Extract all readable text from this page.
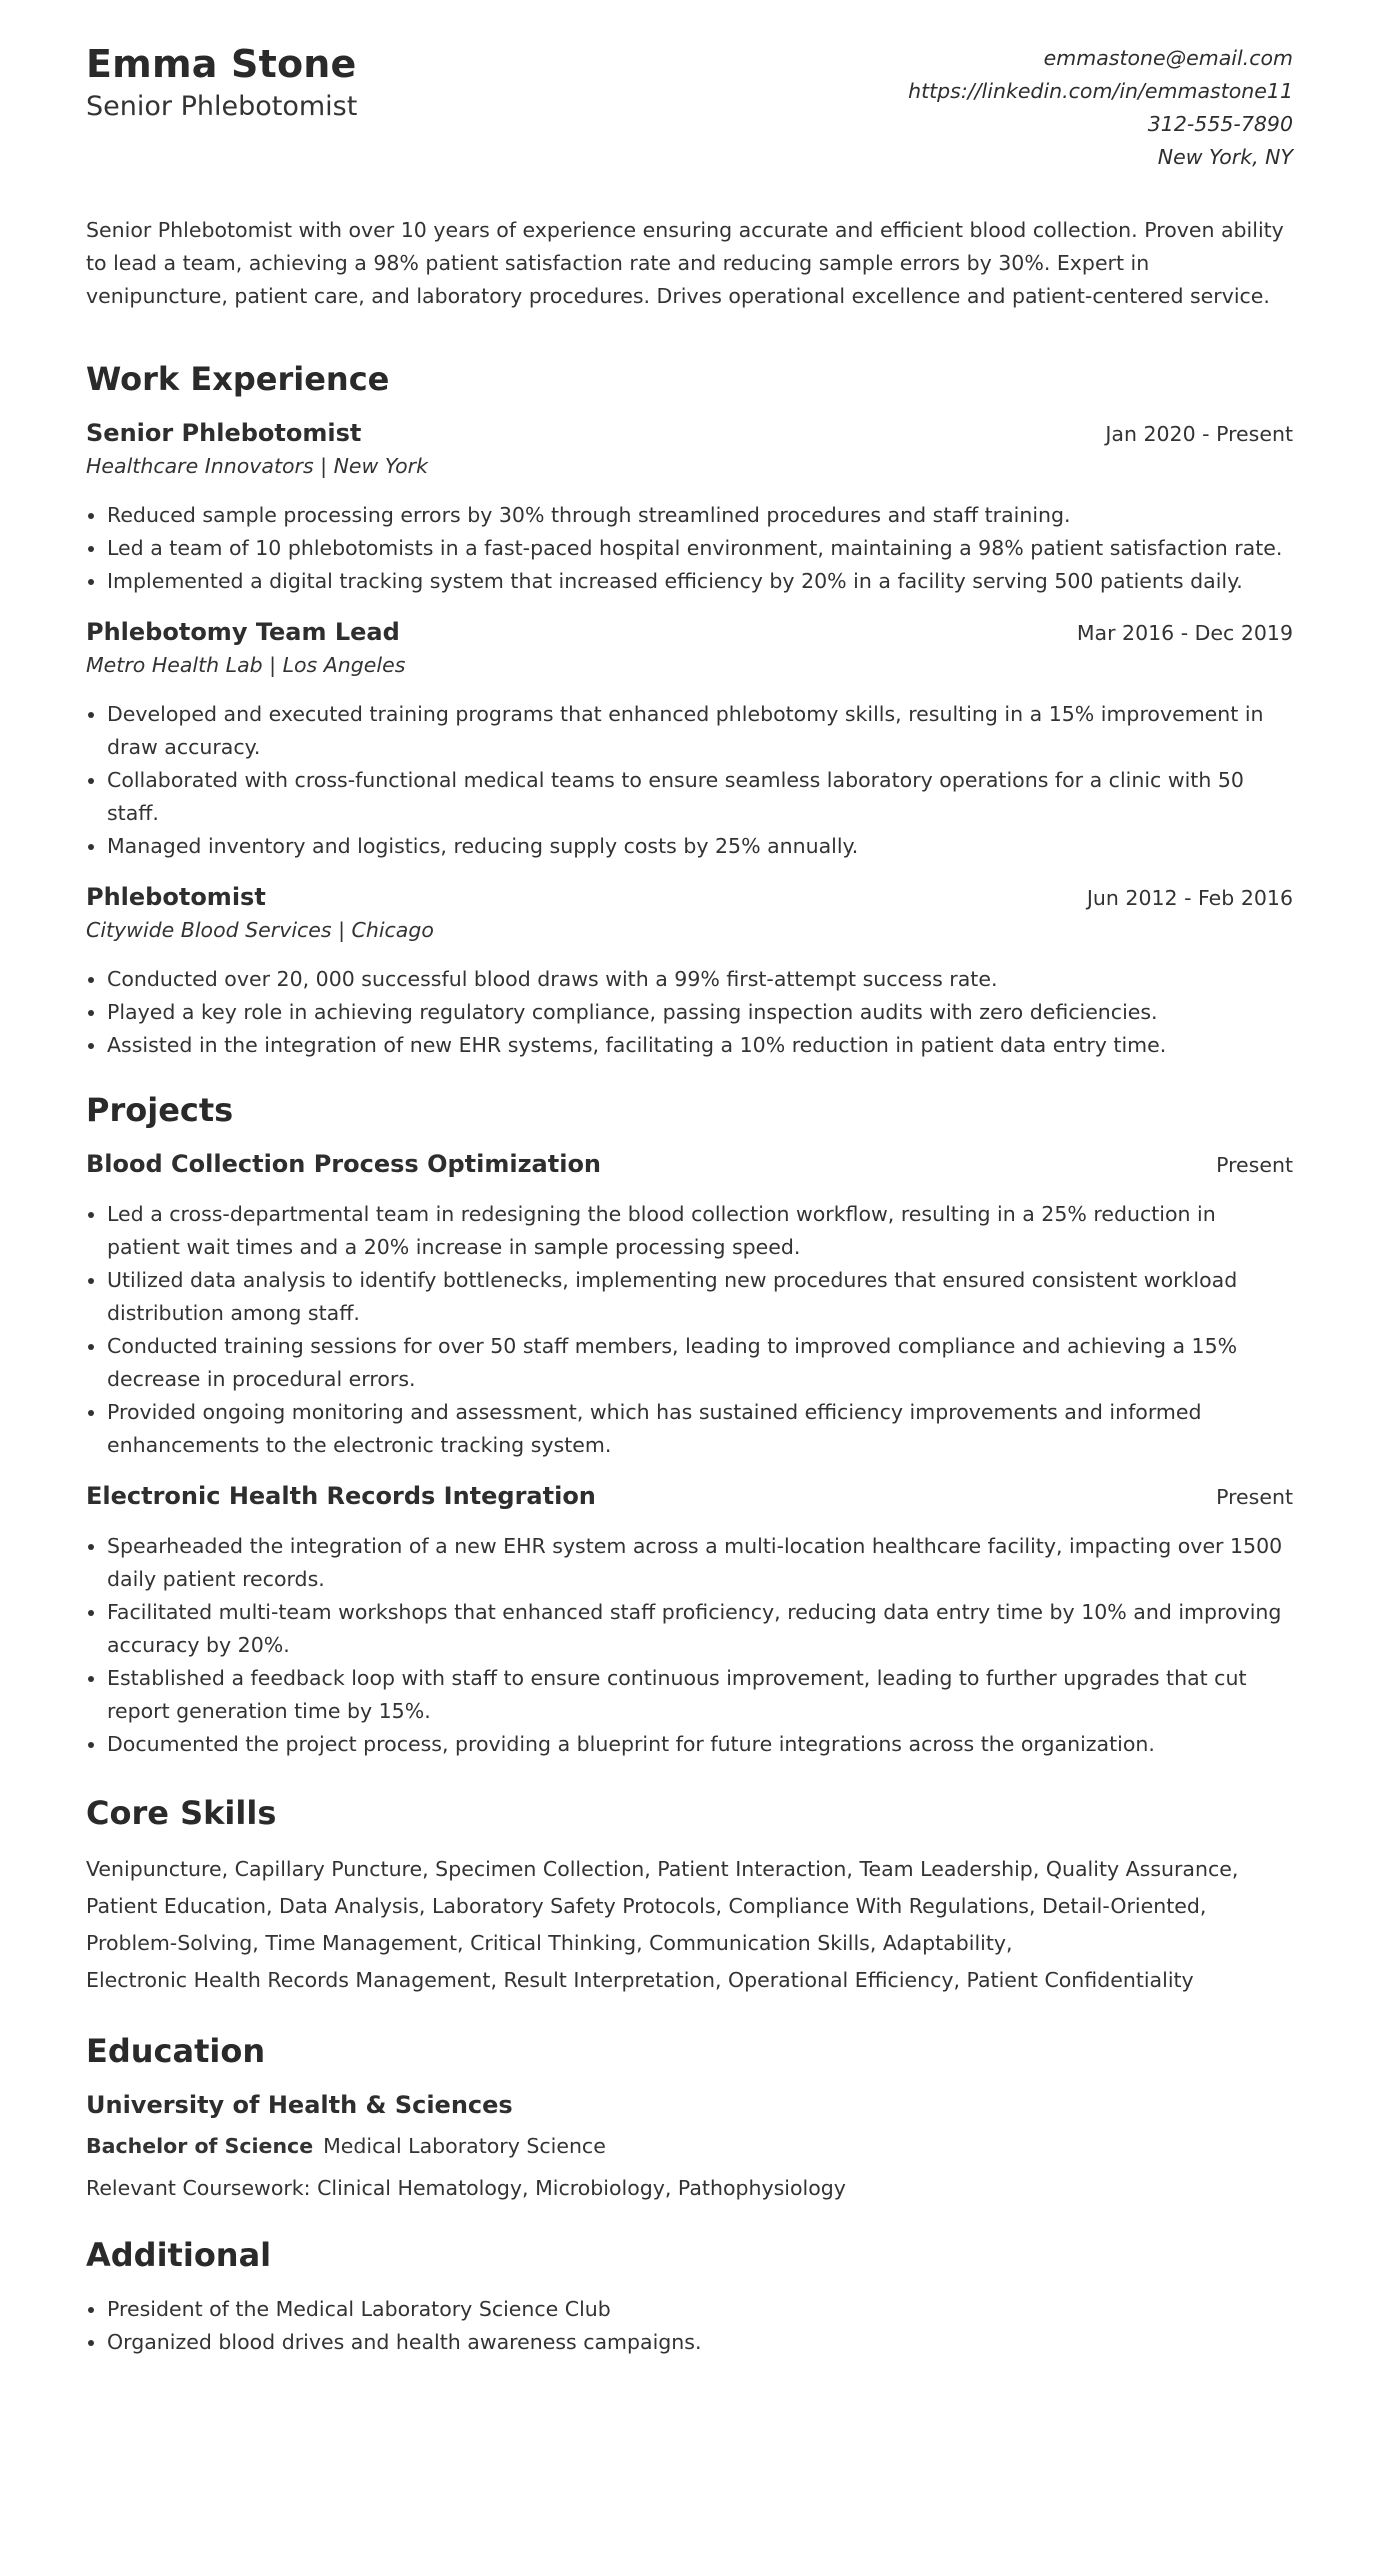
Emma Stone
Senior Phlebotomist
emmastone@email.com
https://linkedin.com/in/emmastone11
312-555-7890
New York, NY

Senior Phlebotomist with over 10 years of experience ensuring accurate and efficient blood collection. Proven ability to lead a team, achieving a 98% patient satisfaction rate and reducing sample errors by 30%. Expert in venipuncture, patient care, and laboratory procedures. Drives operational excellence and patient-centered service.

Work Experience
Senior Phlebotomist	Jan 2020 - Present
Healthcare Innovators | New York
• Reduced sample processing errors by 30% through streamlined procedures and staff training.
• Led a team of 10 phlebotomists in a fast-paced hospital environment, maintaining a 98% patient satisfaction rate.
• Implemented a digital tracking system that increased efficiency by 20% in a facility serving 500 patients daily.
Phlebotomy Team Lead	Mar 2016 - Dec 2019
Metro Health Lab | Los Angeles
• Developed and executed training programs that enhanced phlebotomy skills, resulting in a 15% improvement in draw accuracy.
• Collaborated with cross-functional medical teams to ensure seamless laboratory operations for a clinic with 50 staff.
• Managed inventory and logistics, reducing supply costs by 25% annually.
Phlebotomist	Jun 2012 - Feb 2016
Citywide Blood Services | Chicago
• Conducted over 20, 000 successful blood draws with a 99% first-attempt success rate.
• Played a key role in achieving regulatory compliance, passing inspection audits with zero deficiencies.
• Assisted in the integration of new EHR systems, facilitating a 10% reduction in patient data entry time.
Projects
Blood Collection Process Optimization	Present
• Led a cross-departmental team in redesigning the blood collection workflow, resulting in a 25% reduction in patient wait times and a 20% increase in sample processing speed.
• Utilized data analysis to identify bottlenecks, implementing new procedures that ensured consistent workload distribution among staff.
• Conducted training sessions for over 50 staff members, leading to improved compliance and achieving a 15% decrease in procedural errors.
• Provided ongoing monitoring and assessment, which has sustained efficiency improvements and informed enhancements to the electronic tracking system.
Electronic Health Records Integration	Present
• Spearheaded the integration of a new EHR system across a multi-location healthcare facility, impacting over 1500 daily patient records.
• Facilitated multi-team workshops that enhanced staff proficiency, reducing data entry time by 10% and improving accuracy by 20%.
• Established a feedback loop with staff to ensure continuous improvement, leading to further upgrades that cut report generation time by 15%.
• Documented the project process, providing a blueprint for future integrations across the organization.
Core Skills
Venipuncture, Capillary Puncture, Specimen Collection, Patient Interaction, Team Leadership, Quality Assurance,
Patient Education, Data Analysis, Laboratory Safety Protocols, Compliance With Regulations, Detail-Oriented,
Problem-Solving, Time Management, Critical Thinking, Communication Skills, Adaptability,
Electronic Health Records Management, Result Interpretation, Operational Efficiency, Patient Confidentiality
Education
University of Health & Sciences
Bachelor of Science Medical Laboratory Science
Relevant Coursework: Clinical Hematology, Microbiology, Pathophysiology
Additional
• President of the Medical Laboratory Science Club
• Organized blood drives and health awareness campaigns.
